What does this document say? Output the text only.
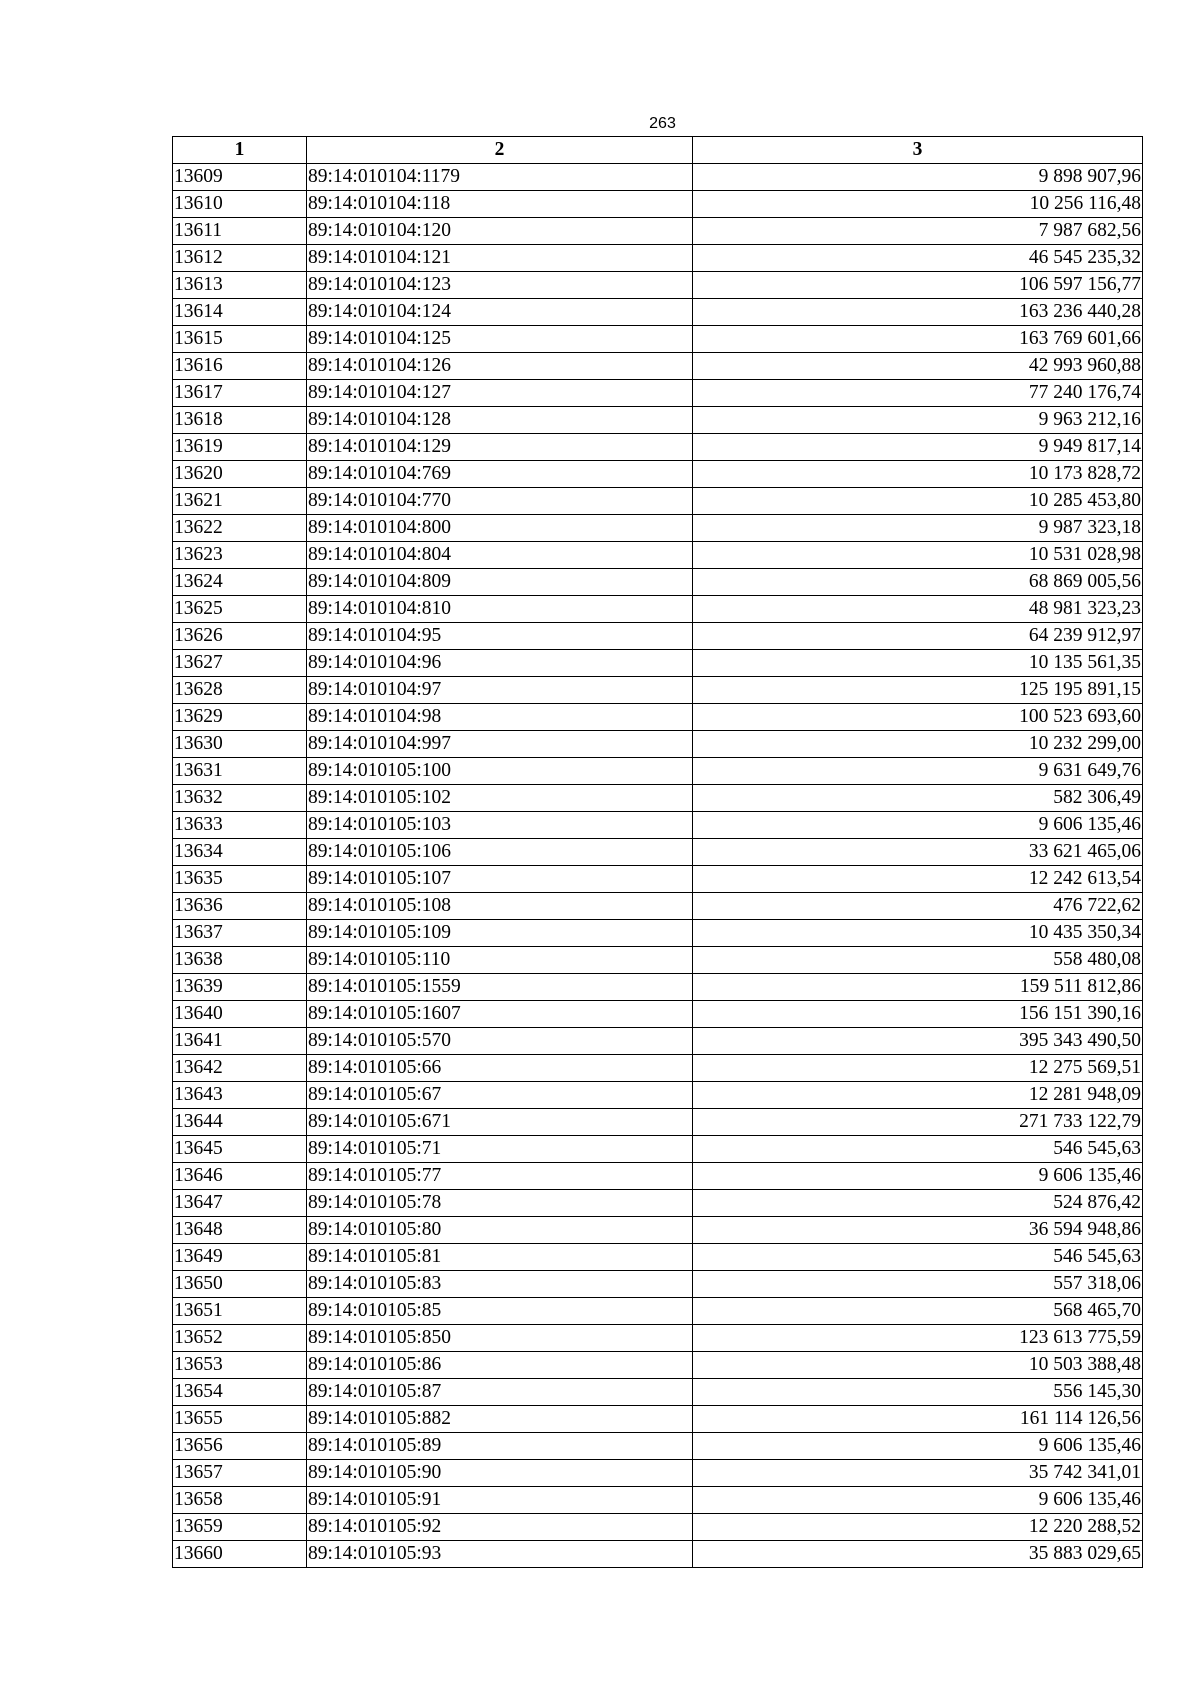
263
1	2	3
13609	89:14:010104:1179	9 898 907,96
13610	89:14:010104:118	10 256 116,48
13611	89:14:010104:120	7 987 682,56
13612	89:14:010104:121	46 545 235,32
13613	89:14:010104:123	106 597 156,77
13614	89:14:010104:124	163 236 440,28
13615	89:14:010104:125	163 769 601,66
13616	89:14:010104:126	42 993 960,88
13617	89:14:010104:127	77 240 176,74
13618	89:14:010104:128	9 963 212,16
13619	89:14:010104:129	9 949 817,14
13620	89:14:010104:769	10 173 828,72
13621	89:14:010104:770	10 285 453,80
13622	89:14:010104:800	9 987 323,18
13623	89:14:010104:804	10 531 028,98
13624	89:14:010104:809	68 869 005,56
13625	89:14:010104:810	48 981 323,23
13626	89:14:010104:95	64 239 912,97
13627	89:14:010104:96	10 135 561,35
13628	89:14:010104:97	125 195 891,15
13629	89:14:010104:98	100 523 693,60
13630	89:14:010104:997	10 232 299,00
13631	89:14:010105:100	9 631 649,76
13632	89:14:010105:102	582 306,49
13633	89:14:010105:103	9 606 135,46
13634	89:14:010105:106	33 621 465,06
13635	89:14:010105:107	12 242 613,54
13636	89:14:010105:108	476 722,62
13637	89:14:010105:109	10 435 350,34
13638	89:14:010105:110	558 480,08
13639	89:14:010105:1559	159 511 812,86
13640	89:14:010105:1607	156 151 390,16
13641	89:14:010105:570	395 343 490,50
13642	89:14:010105:66	12 275 569,51
13643	89:14:010105:67	12 281 948,09
13644	89:14:010105:671	271 733 122,79
13645	89:14:010105:71	546 545,63
13646	89:14:010105:77	9 606 135,46
13647	89:14:010105:78	524 876,42
13648	89:14:010105:80	36 594 948,86
13649	89:14:010105:81	546 545,63
13650	89:14:010105:83	557 318,06
13651	89:14:010105:85	568 465,70
13652	89:14:010105:850	123 613 775,59
13653	89:14:010105:86	10 503 388,48
13654	89:14:010105:87	556 145,30
13655	89:14:010105:882	161 114 126,56
13656	89:14:010105:89	9 606 135,46
13657	89:14:010105:90	35 742 341,01
13658	89:14:010105:91	9 606 135,46
13659	89:14:010105:92	12 220 288,52
13660	89:14:010105:93	35 883 029,65
